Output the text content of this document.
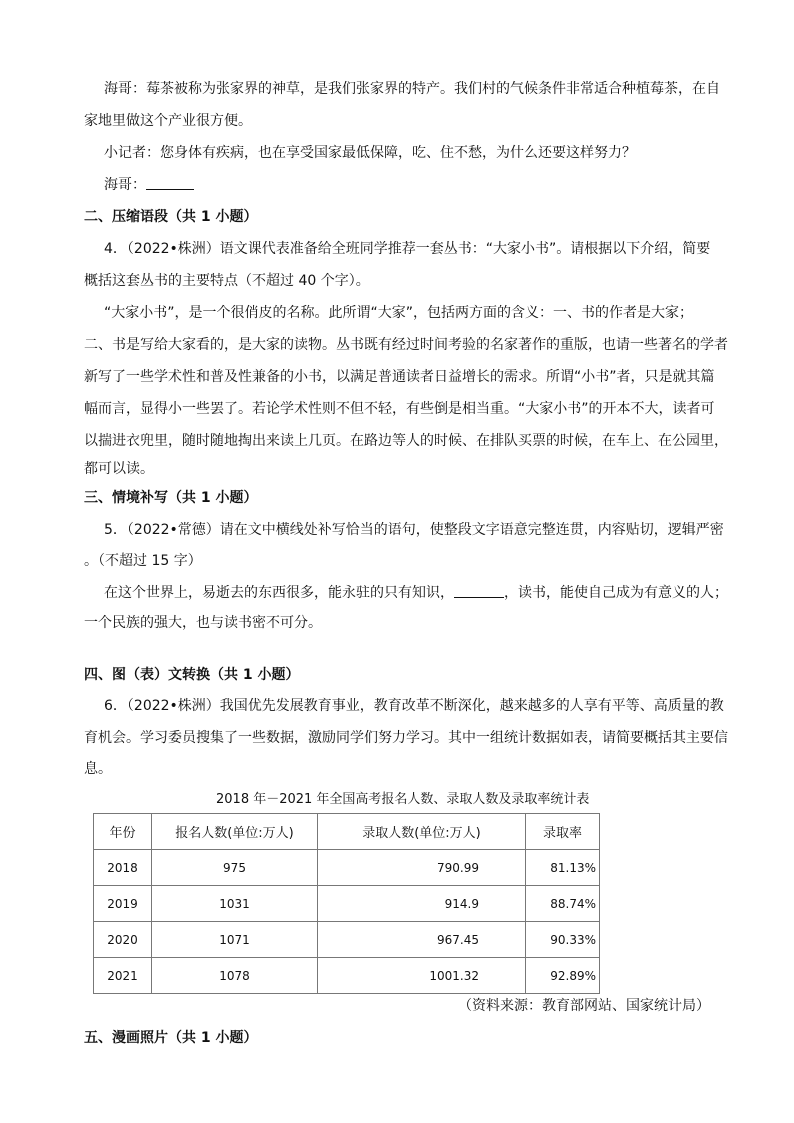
海哥：莓茶被称为张家界的神草，是我们张家界的特产。我们村的气候条件非常适合种植莓茶，在自
家地里做这个产业很方便。
小记者：您身体有疾病，也在享受国家最低保障，吃、住不愁，为什么还要这样努力？
海哥：
二、压缩语段（共 1 小题）
4．（2022•株洲）语文课代表准备给全班同学推荐一套丛书：“大家小书”。请根据以下介绍，简要
概括这套丛书的主要特点（不超过 40 个字）。
“大家小书”，是一个很俏皮的名称。此所谓“大家”，包括两方面的含义：一、书的作者是大家；
二、书是写给大家看的，是大家的读物。丛书既有经过时间考验的名家著作的重版，也请一些著名的学者
新写了一些学术性和普及性兼备的小书，以满足普通读者日益增长的需求。所谓“小书”者，只是就其篇
幅而言，显得小一些罢了。若论学术性则不但不轻，有些倒是相当重。“大家小书”的开本不大，读者可
以揣进衣兜里，随时随地掏出来读上几页。在路边等人的时候、在排队买票的时候，在车上、在公园里，
都可以读。
三、情境补写（共 1 小题）
5．（2022•常德）请在文中横线处补写恰当的语句，使整段文字语意完整连贯，内容贴切，逻辑严密
。（不超过 15 字）
在这个世界上，易逝去的东西很多，能永驻的只有知识，	，读书，能使自己成为有意义的人；
一个民族的强大，也与读书密不可分。
四、图（表）文转换（共 1 小题）
6．（2022•株洲）我国优先发展教育事业，教育改革不断深化，越来越多的人享有平等、高质量的教
育机会。学习委员搜集了一些数据，激励同学们努力学习。其中一组统计数据如表，请简要概括其主要信
息。
2018 年－2021 年全国高考报名人数、录取人数及录取率统计表
年份	报名人数(单位:万人)	录取人数(单位:万人)	录取率
2018	975	790.99	81.13%
2019	1031	914.9	88.74%
2020	1071	967.45	90.33%
2021	1078	1001.32	92.89%
（资料来源：教育部网站、国家统计局）
五、漫画照片（共 1 小题）
